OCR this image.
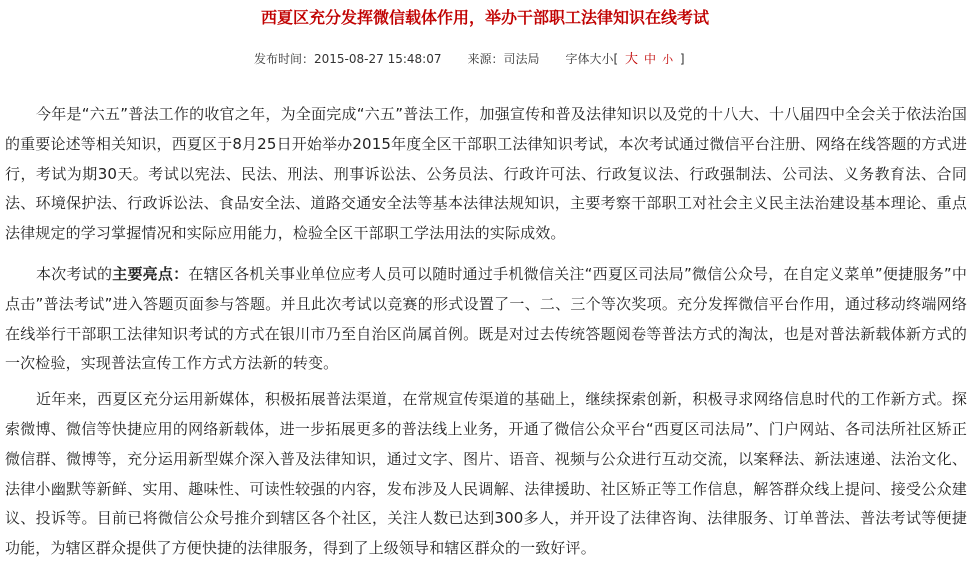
西夏区充分发挥微信载体作用，举办干部职工法律知识在线考试
发布时间：2015-08-27 15:48:07 来源：司法局 字体大小[ 大 中 小 ]

今年是“六五”普法工作的收官之年，为全面完成“六五”普法工作，加强宣传和普及法律知识以及党的十八大、十八届四中全会关于依法治国的重要论述等相关知识，西夏区于8月25日开始举办2015年度全区干部职工法律知识考试，本次考试通过微信平台注册、网络在线答题的方式进行，考试为期30天。考试以宪法、民法、刑法、刑事诉讼法、公务员法、行政许可法、行政复议法、行政强制法、公司法、义务教育法、合同法、环境保护法、行政诉讼法、食品安全法、道路交通安全法等基本法律法规知识，主要考察干部职工对社会主义民主法治建设基本理论、重点法律规定的学习掌握情况和实际应用能力，检验全区干部职工学法用法的实际成效。

本次考试的主要亮点：在辖区各机关事业单位应考人员可以随时通过手机微信关注“西夏区司法局”微信公众号，在自定义菜单”便捷服务”中点击”普法考试”进入答题页面参与答题。并且此次考试以竞赛的形式设置了一、二、三个等次奖项。充分发挥微信平台作用，通过移动终端网络在线举行干部职工法律知识考试的方式在银川市乃至自治区尚属首例。既是对过去传统答题阅卷等普法方式的淘汰，也是对普法新载体新方式的一次检验，实现普法宣传工作方式方法新的转变。

近年来，西夏区充分运用新媒体，积极拓展普法渠道，在常规宣传渠道的基础上，继续探索创新，积极寻求网络信息时代的工作新方式。探索微博、微信等快捷应用的网络新载体，进一步拓展更多的普法线上业务，开通了微信公众平台“西夏区司法局”、门户网站、各司法所社区矫正微信群、微博等，充分运用新型媒介深入普及法律知识，通过文字、图片、语音、视频与公众进行互动交流，以案释法、新法速递、法治文化、法律小幽默等新鲜、实用、趣味性、可读性较强的内容，发布涉及人民调解、法律援助、社区矫正等工作信息，解答群众线上提问、接受公众建议、投诉等。目前已将微信公众号推介到辖区各个社区，关注人数已达到300多人，并开设了法律咨询、法律服务、订单普法、普法考试等便捷功能，为辖区群众提供了方便快捷的法律服务，得到了上级领导和辖区群众的一致好评。
